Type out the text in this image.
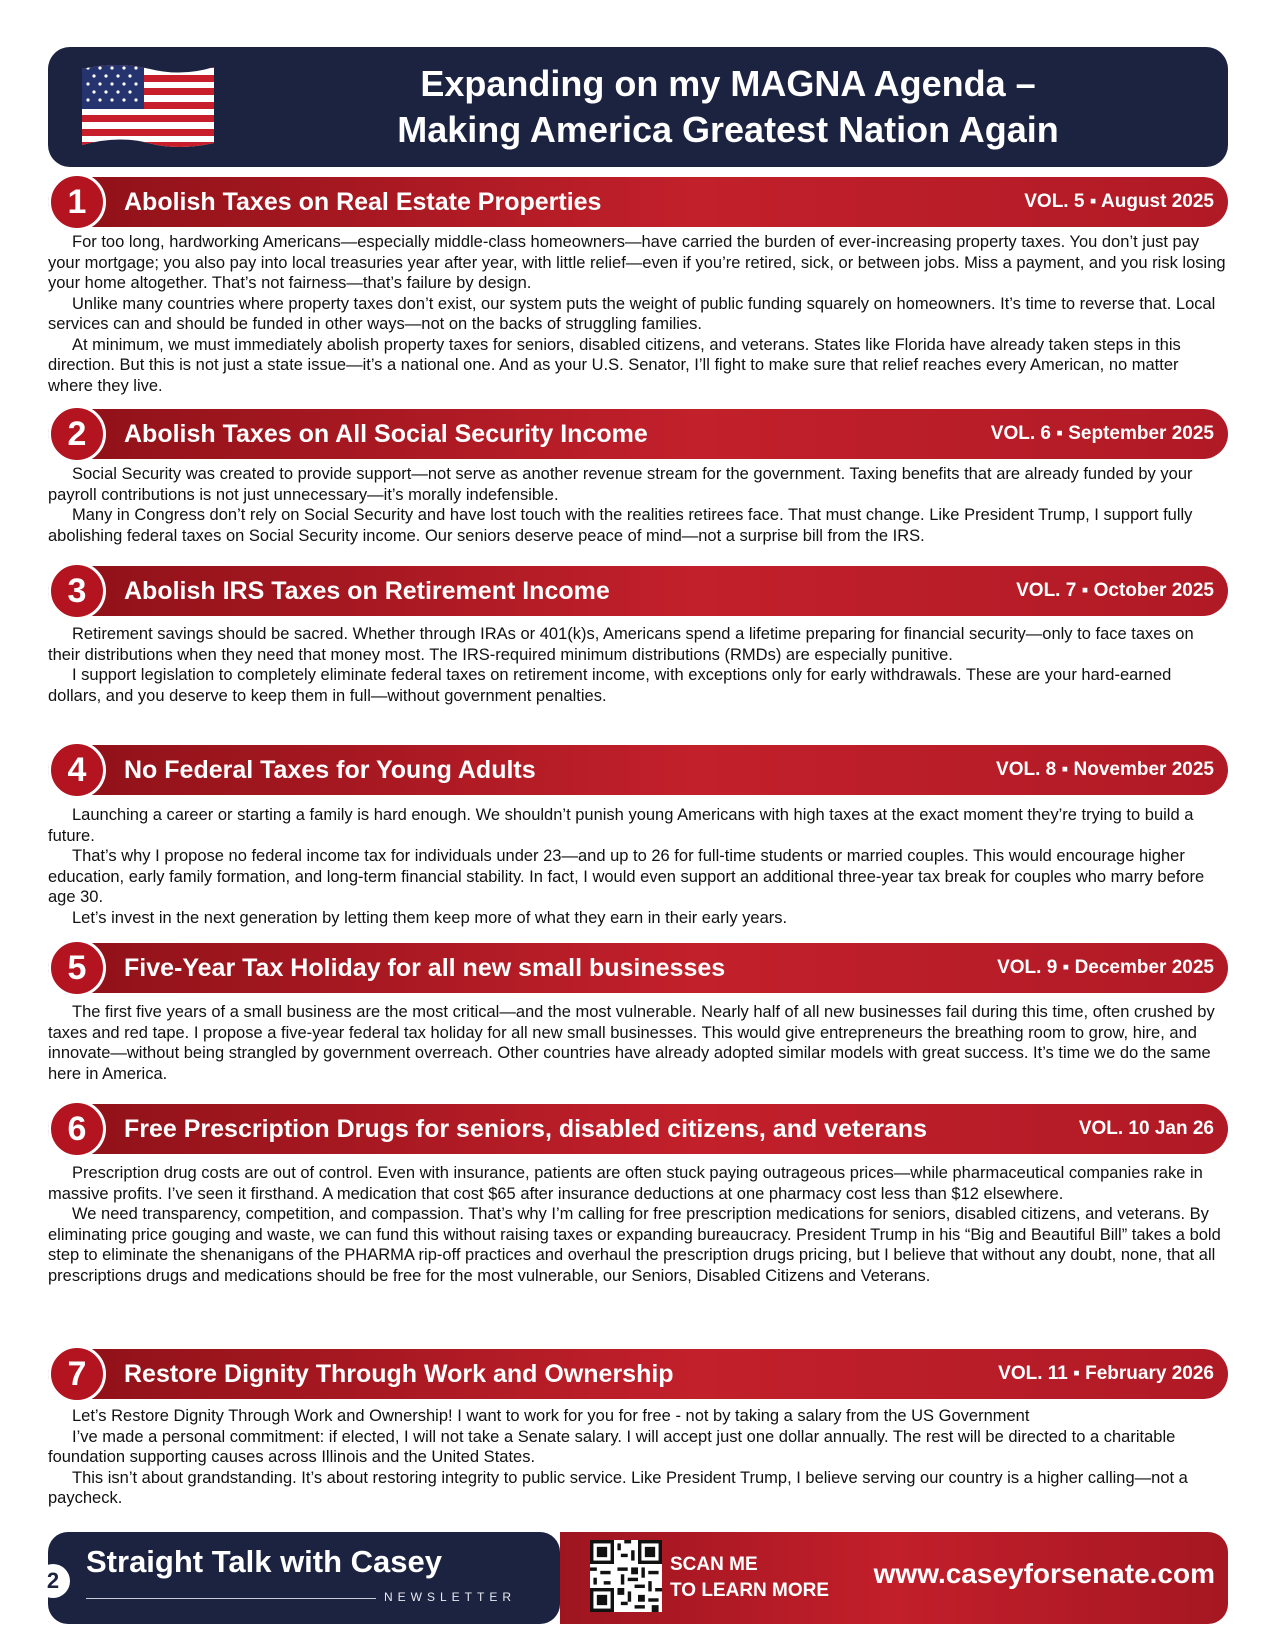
Expanding on my MAGNA Agenda –
Making America Greatest Nation Again
1	Abolish Taxes on Real Estate Properties	VOL. 5 ▪ August 2025

For too long, hardworking Americans—especially middle-class homeowners—have carried the burden of ever-increasing property taxes. You don’t just pay your mortgage; you also pay into local treasuries year after year, with little relief—even if you’re retired, sick, or between jobs. Miss a payment, and you risk losing your home altogether. That’s not fairness—that’s failure by design.

Unlike many countries where property taxes don’t exist, our system puts the weight of public funding squarely on homeowners. It’s time to reverse that. Local services can and should be funded in other ways—not on the backs of struggling families.

At minimum, we must immediately abolish property taxes for seniors, disabled citizens, and veterans. States like Florida have already taken steps in this direction. But this is not just a state issue—it’s a national one. And as your U.S. Senator, I’ll fight to make sure that relief reaches every American, no matter where they live.

2	Abolish Taxes on All Social Security Income	VOL. 6 ▪ September 2025

Social Security was created to provide support—not serve as another revenue stream for the government. Taxing benefits that are already funded by your payroll contributions is not just unnecessary—it’s morally indefensible.

Many in Congress don’t rely on Social Security and have lost touch with the realities retirees face. That must change. Like President Trump, I support fully abolishing federal taxes on Social Security income. Our seniors deserve peace of mind—not a surprise bill from the IRS.

3	Abolish IRS Taxes on Retirement Income	VOL. 7 ▪ October 2025

Retirement savings should be sacred. Whether through IRAs or 401(k)s, Americans spend a lifetime preparing for financial security—only to face taxes on their distributions when they need that money most. The IRS-required minimum distributions (RMDs) are especially punitive.

I support legislation to completely eliminate federal taxes on retirement income, with exceptions only for early withdrawals. These are your hard-earned dollars, and you deserve to keep them in full—without government penalties.

4	No Federal Taxes for Young Adults	VOL. 8 ▪ November 2025

Launching a career or starting a family is hard enough. We shouldn’t punish young Americans with high taxes at the exact moment they’re trying to build a future.

That’s why I propose no federal income tax for individuals under 23—and up to 26 for full-time students or married couples. This would encourage higher education, early family formation, and long-term financial stability. In fact, I would even support an additional three-year tax break for couples who marry before age 30.

Let’s invest in the next generation by letting them keep more of what they earn in their early years.

5	Five-Year Tax Holiday for all new small businesses	VOL. 9 ▪ December 2025

The first five years of a small business are the most critical—and the most vulnerable. Nearly half of all new businesses fail during this time, often crushed by taxes and red tape. I propose a five-year federal tax holiday for all new small businesses. This would give entrepreneurs the breathing room to grow, hire, and innovate—without being strangled by government overreach. Other countries have already adopted similar models with great success. It’s time we do the same here in America.

6	Free Prescription Drugs for seniors, disabled citizens, and veterans	VOL. 10 Jan 26

Prescription drug costs are out of control. Even with insurance, patients are often stuck paying outrageous prices—while pharmaceutical companies rake in massive profits. I’ve seen it firsthand. A medication that cost $65 after insurance deductions at one pharmacy cost less than $12 elsewhere.

We need transparency, competition, and compassion. That’s why I’m calling for free prescription medications for seniors, disabled citizens, and veterans. By eliminating price gouging and waste, we can fund this without raising taxes or expanding bureaucracy. President Trump in his “Big and Beautiful Bill” takes a bold step to eliminate the shenanigans of the PHARMA rip-off practices and overhaul the prescription drugs pricing, but I believe that without any doubt, none, that all prescriptions drugs and medications should be free for the most vulnerable, our Seniors, Disabled Citizens and Veterans.

7	Restore Dignity Through Work and Ownership	VOL. 11 ▪ February 2026

Let’s Restore Dignity Through Work and Ownership! I want to work for you for free - not by taking a salary from the US Government

I’ve made a personal commitment: if elected, I will not take a Senate salary. I will accept just one dollar annually. The rest will be directed to a charitable foundation supporting causes across Illinois and the United States.

This isn’t about grandstanding. It’s about restoring integrity to public service. Like President Trump, I believe serving our country is a higher calling—not a paycheck.

2
Straight Talk with Casey
NEWSLETTER
SCAN ME
TO LEARN MORE
www.caseyforsenate.com
